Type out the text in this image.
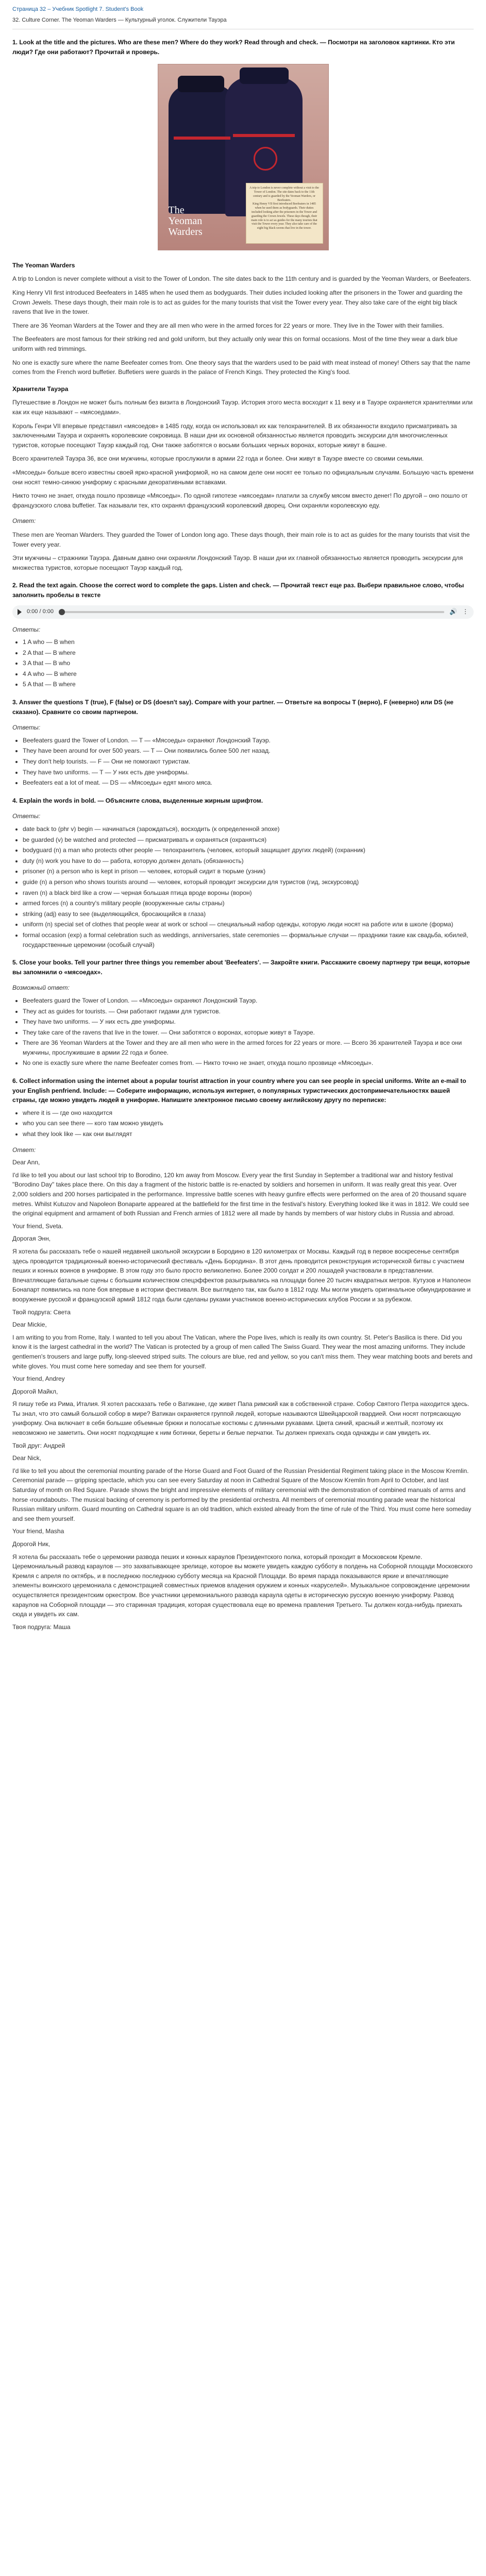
Страница 32 – Учебник Spotlight 7. Student's Book
32. Culture Corner. The Yeoman Warders — Культурный уголок. Служители Тауэра
1. Look at the title and the pictures. Who are these men? Where do they work? Read through and check. — Посмотри на заголовок картинки. Кто эти люди? Где они работают? Прочитай и проверь.
The
Yeoman
Warders
A trip to London is never complete without a visit to the Tower of London. The site dates back to the 11th century and is guarded by the Yeoman Warders, or Beefeaters.
King Henry VII first introduced Beefeaters in 1485 when he used them as bodyguards. Their duties included looking after the prisoners in the Tower and guarding the Crown Jewels. These days though, their main role is to act as guides for the many tourists that visit the Tower every year. They also take care of the eight big black ravens that live in the tower.
The Yeoman Warders

A trip to London is never complete without a visit to the Tower of London. The site dates back to the 11th century and is guarded by the Yeoman Warders, or Beefeaters.

King Henry VII first introduced Beefeaters in 1485 when he used them as bodyguards. Their duties included looking after the prisoners in the Tower and guarding the Crown Jewels. These days though, their main role is to act as guides for the many tourists that visit the Tower every year. They also take care of the eight big black ravens that live in the tower.

There are 36 Yeoman Warders at the Tower and they are all men who were in the armed forces for 22 years or more. They live in the Tower with their families.

The Beefeaters are most famous for their striking red and gold uniform, but they actually only wear this on formal occasions. Most of the time they wear a dark blue uniform with red trimmings.

No one is exactly sure where the name Beefeater comes from. One theory says that the warders used to be paid with meat instead of money! Others say that the name comes from the French word buffetier. Buffetiers were guards in the palace of French Kings. They protected the King's food.

Хранители Тауэра

Путешествие в Лондон не может быть полным без визита в Лондонский Тауэр. История этого места восходит к 11 веку и в Тауэре охраняется хранителями или как их еще называют – «мясоедами».

Король Генри VII впервые представил «мясоедов» в 1485 году, когда он использовал их как телохранителей. В их обязанности входило присматривать за заключенными Тауэра и охранять королевские сокровища. В наши дни их основной обязанностью является проводить экскурсии для многочисленных туристов, которые посещают Тауэр каждый год. Они также заботятся о восьми больших черных воронах, которые живут в башне.

Всего хранителей Тауэра 36, все они мужчины, которые прослужили в армии 22 года и более. Они живут в Тауэре вместе со своими семьями.

«Мясоеды» больше всего известны своей ярко-красной униформой, но на самом деле они носят ее только по официальным случаям. Большую часть времени они носят темно-синюю униформу с красными декоративными вставками.

Никто точно не знает, откуда пошло прозвище «Мясоеды». По одной гипотезе «мясоедам» платили за службу мясом вместо денег! По другой – оно пошло от французского слова buffetier. Так называли тех, кто охранял французский королевский дворец. Они охраняли королевскую еду.

Ответ:

These men are Yeoman Warders. They guarded the Tower of London long ago. These days though, their main role is to act as guides for the many tourists that visit the Tower every year.

Эти мужчины – стражники Тауэра. Давным давно они охраняли Лондонский Тауэр. В наши дни их главной обязанностью является проводить экскурсии для множества туристов, которые посещают Тауэр каждый год.

2. Read the text again. Choose the correct word to complete the gaps. Listen and check. — Прочитай текст еще раз. Выбери правильное слово, чтобы заполнить пробелы в тексте
0:00 / 0:00	🔊 ⋮
Ответы:
• 1 A who — B when
• 2 A that — B where
• 3 A that — B who
• 4 A who — B where
• 5 A that — B where
3. Answer the questions T (true), F (false) or DS (doesn't say). Compare with your partner. — Ответьте на вопросы Т (верно), F (неверно) или DS (не сказано). Сравните со своим партнером.
Ответы:
• Beefeaters guard the Tower of London. — T — «Мясоеды» охраняют Лондонский Тауэр.
• They have been around for over 500 years. — T — Они появились более 500 лет назад.
• They don't help tourists. — F — Они не помогают туристам.
• They have two uniforms. — T — У них есть две униформы.
• Beefeaters eat a lot of meat. — DS — «Мясоеды» едят много мяса.
4. Explain the words in bold. — Объясните слова, выделенные жирным шрифтом.
Ответы:
• date back to (phr v) begin — начинаться (зарождаться), восходить (к определенной эпохе)
• be guarded (v) be watched and protected — присматривать и охраняться (охраняться)
• bodyguard (n) a man who protects other people — телохранитель (человек, который защищает других людей) (охранник)
• duty (n) work you have to do — работа, которую должен делать (обязанность)
• prisoner (n) a person who is kept in prison — человек, который сидит в тюрьме (узник)
• guide (n) a person who shows tourists around — человек, который проводит экскурсии для туристов (гид, экскурсовод)
• raven (n) a black bird like a crow — черная большая птица вроде вороны (ворон)
• armed forces (n) a country's military people (вооруженные силы страны)
• striking (adj) easy to see (выделяющийся, бросающийся в глаза)
• uniform (n) special set of clothes that people wear at work or school — специальный набор одежды, которую люди носят на работе или в школе (форма)
• formal occasion (exp) a formal celebration such as weddings, anniversaries, state ceremonies — формальные случаи — праздники такие как свадьба, юбилей, государственные церемонии (особый случай)
5. Close your books. Tell your partner three things you remember about 'Beefeaters'. — Закройте книги. Расскажите своему партнеру три вещи, которые вы запомнили о «мясоедах».
Возможный ответ:
• Beefeaters guard the Tower of London. — «Мясоеды» охраняют Лондонский Тауэр.
• They act as guides for tourists. — Они работают гидами для туристов.
• They have two uniforms. — У них есть две униформы.
• They take care of the ravens that live in the tower. — Они заботятся о воронах, которые живут в Тауэре.
• There are 36 Yeoman Warders at the Tower and they are all men who were in the armed forces for 22 years or more. — Всего 36 хранителей Тауэра и все они мужчины, прослужившие в армии 22 года и более.
• No one is exactly sure where the name Beefeater comes from. — Никто точно не знает, откуда пошло прозвище «Мясоеды».
6. Collect information using the internet about a popular tourist attraction in your country where you can see people in special uniforms. Write an e-mail to your English penfriend. Include: — Соберите информацию, используя интернет, о популярных туристических достопримечательностях вашей страны, где можно увидеть людей в униформе. Напишите электронное письмо своему английскому другу по переписке:
• where it is — где оно находится
• who you can see there — кого там можно увидеть
• what they look like — как они выглядят
Ответ:

Dear Ann,

I'd like to tell you about our last school trip to Borodino, 120 km away from Moscow. Every year the first Sunday in September a traditional war and history festival "Borodino Day" takes place there. On this day a fragment of the historic battle is re-enacted by soldiers and horsemen in uniform. It was really great this year. Over 2,000 soldiers and 200 horses participated in the performance. Impressive battle scenes with heavy gunfire effects were performed on the area of 20 thousand square metres. Whilst Kutuzov and Napoleon Bonaparte appeared at the battlefield for the first time in the festival's history. Everything looked like it was in 1812. We could see the original equipment and armament of both Russian and French armies of 1812 were all made by hands by members of war history clubs in Russia and abroad.

Your friend, Sveta.

Дорогая Энн,

Я хотела бы рассказать тебе о нашей недавней школьной экскурсии в Бородино в 120 километрах от Москвы. Каждый год в первое воскресенье сентября здесь проводится традиционный военно-исторический фестиваль «День Бородина». В этот день проводится реконструкция исторической битвы с участием пеших и конных воинов в униформе. В этом году это было просто великолепно. Более 2000 солдат и 200 лошадей участвовали в представлении. Впечатляющие батальные сцены с большим количеством спецэффектов разыгрывались на площади более 20 тысяч квадратных метров. Кутузов и Наполеон Бонапарт появились на поле боя впервые в истории фестиваля. Все выглядело так, как было в 1812 году. Мы могли увидеть оригинальное обмундирование и вооружение русской и французской армий 1812 года были сделаны руками участников военно-исторических клубов России и за рубежом.

Твой подруга: Света

Dear Mickie,

I am writing to you from Rome, Italy. I wanted to tell you about The Vatican, where the Pope lives, which is really its own country. St. Peter's Basilica is there. Did you know it is the largest cathedral in the world? The Vatican is protected by a group of men called The Swiss Guard. They wear the most amazing uniforms. They include gentlemen's trousers and large puffy, long-sleeved striped suits. The colours are blue, red and yellow, so you can't miss them. They wear matching boots and berets and white gloves. You must come here someday and see them for yourself.

Your friend, Andrey

Дорогой Майкл,

Я пишу тебе из Рима, Италия. Я хотел рассказать тебе о Ватикане, где живет Папа римский как в собственной стране. Собор Святого Петра находится здесь. Ты знал, что это самый большой собор в мире? Ватикан охраняется группой людей, которые называются Швейцарской гвардией. Они носят потрясающую униформу. Она включает в себя большие объемные брюки и полосатые костюмы с длинными рукавами. Цвета синий, красный и желтый, поэтому их невозможно не заметить. Они носят подходящие к ним ботинки, береты и белые перчатки. Ты должен приехать сюда однажды и сам увидеть их.

Твой друг: Андрей

Dear Nick,

I'd like to tell you about the ceremonial mounting parade of the Horse Guard and Foot Guard of the Russian Presidential Regiment taking place in the Moscow Kremlin. Ceremonial parade — gripping spectacle, which you can see every Saturday at noon in Cathedral Square of the Moscow Kremlin from April to October, and last Saturday of month on Red Square. Parade shows the bright and impressive elements of military ceremonial with the demonstration of combined manuals of arms and horse ‹roundabouts›. The musical backing of ceremony is performed by the presidential orchestra. All members of ceremonial mounting parade wear the historical Russian military uniform. Guard mounting on Cathedral square is an old tradition, which existed already from the time of rule of the Third. You must come here someday and see them yourself.

Your friend, Masha

Дорогой Ник,

Я хотела бы рассказать тебе о церемонии развода пеших и конных караулов Президентского полка, который проходит в Московском Кремле. Церемониальный развод караулов — это захватывающее зрелище, которое вы можете увидеть каждую субботу в полдень на Соборной площади Московского Кремля с апреля по октябрь, и в последнюю последнюю субботу месяца на Красной Площади. Во время парада показываются яркие и впечатляющие элементы воинского церемониала с демонстрацией совместных приемов владения оружием и конных «каруселей». Музыкальное сопровождение церемонии осуществляется президентским оркестром. Все участники церемониального развода караула одеты в историческую русскую военную униформу. Развод караулов на Соборной площади — это старинная традиция, которая существовала еще во времена правления Третьего. Ты должен когда-нибудь приехать сюда и увидеть их сам.

Твоя подруга: Маша
